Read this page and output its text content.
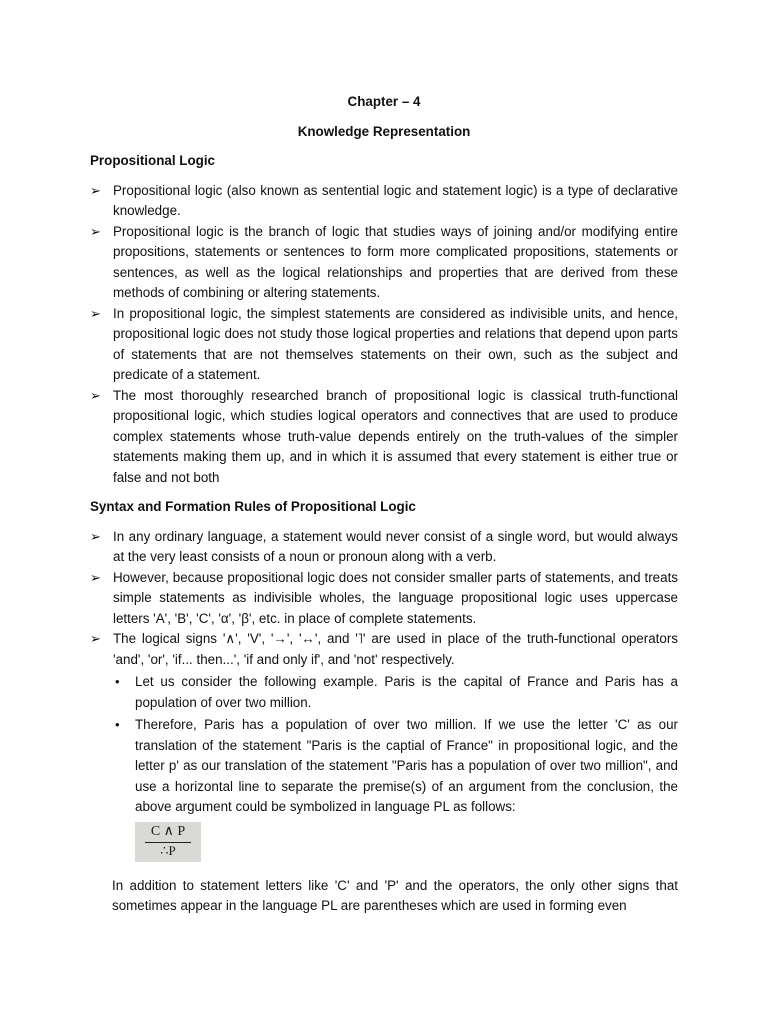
Chapter – 4

Knowledge Representation

Propositional Logic

➢ Propositional logic (also known as sentential logic and statement logic) is a type of declarative knowledge.
➢ Propositional logic is the branch of logic that studies ways of joining and/or modifying entire propositions, statements or sentences to form more complicated propositions, statements or sentences, as well as the logical relationships and properties that are derived from these methods of combining or altering statements.
➢ In propositional logic, the simplest statements are considered as indivisible units, and hence, propositional logic does not study those logical properties and relations that depend upon parts of statements that are not themselves statements on their own, such as the subject and predicate of a statement.
➢ The most thoroughly researched branch of propositional logic is classical truth-functional propositional logic, which studies logical operators and connectives that are used to produce complex statements whose truth-value depends entirely on the truth-values of the simpler statements making them up, and in which it is assumed that every statement is either true or false and not both

Syntax and Formation Rules of Propositional Logic

➢ In any ordinary language, a statement would never consist of a single word, but would always at the very least consists of a noun or pronoun along with a verb.
➢ However, because propositional logic does not consider smaller parts of statements, and treats simple statements as indivisible wholes, the language propositional logic uses uppercase letters 'A', 'B', 'C', 'α', 'β', etc. in place of complete statements.
➢ The logical signs '∧', 'V', '→', '↔', and '˥' are used in place of the truth-functional operators 'and', 'or', 'if... then...', 'if and only if', and 'not' respectively.
• Let us consider the following example. Paris is the capital of France and Paris has a population of over two million.
• Therefore, Paris has a population of over two million. If we use the letter 'C' as our translation of the statement "Paris is the captial of France" in propositional logic, and the letter p' as our translation of the statement "Paris has a population of over two million", and use a horizontal line to separate the premise(s) of an argument from the conclusion, the above argument could be symbolized in language PL as follows:
C ∧ P
∴P

In addition to statement letters like 'C' and 'P' and the operators, the only other signs that sometimes appear in the language PL are parentheses which are used in forming even
